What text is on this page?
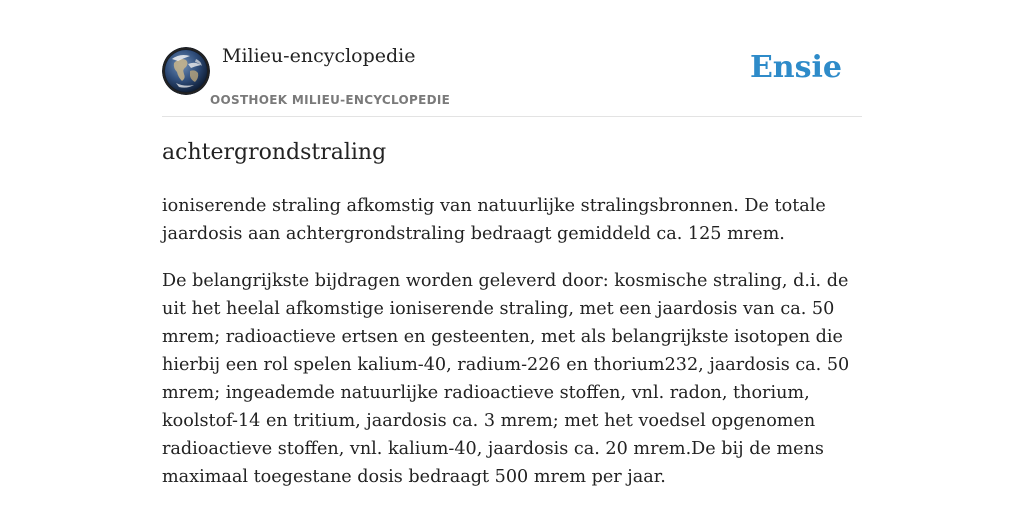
Milieu-encyclopedie
OOSTHOEK MILIEU-ENCYCLOPEDIE
Ensie
achtergrondstraling

ioniserende straling afkomstig van natuurlijke stralingsbronnen. De totale jaardosis aan achtergrondstraling bedraagt gemiddeld ca. 125 mrem.

De belangrijkste bijdragen worden geleverd door: kosmische straling, d.i. de uit het heelal afkomstige ioniserende straling, met een jaardosis van ca. 50 mrem; radioactieve ertsen en gesteenten, met als belangrijkste isotopen die hierbij een rol spelen kalium-40, radium-226 en thorium232, jaardosis ca. 50 mrem; ingeademde natuurlijke radioactieve stoffen, vnl. radon, thorium, koolstof-14 en tritium, jaardosis ca. 3 mrem; met het voedsel opgenomen radioactieve stoffen, vnl. kalium-40, jaardosis ca. 20 mrem.De bij de mens maximaal toegestane dosis bedraagt 500 mrem per jaar.
